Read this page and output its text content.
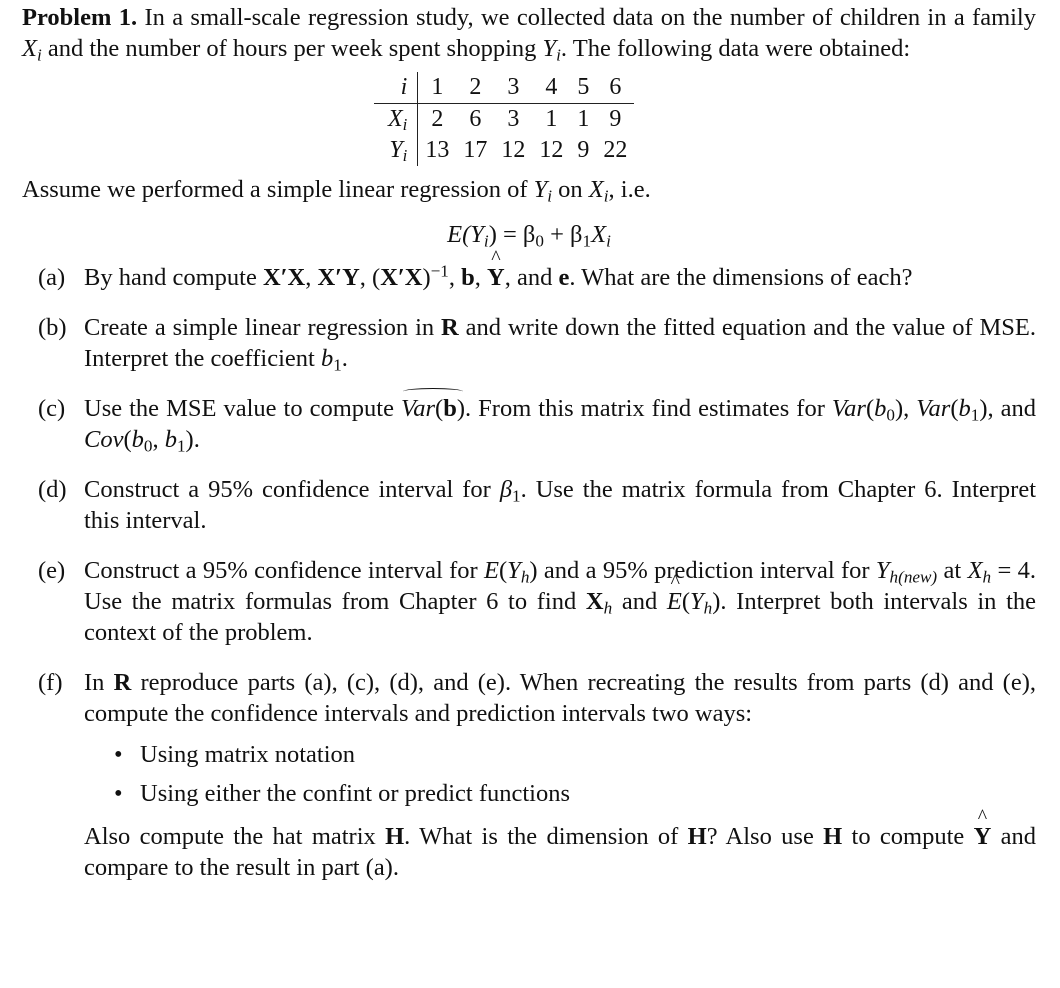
Problem 1. In a small-scale regression study, we collected data on the number of children in a family $X_i$ and the number of hours per week spent shopping $Y_i$. The following data were obtained:

i	1	2	3	4	5	6
$X_i$	2	6	3	1	1	9
$Y_i$	13	17	12	12	9	22

Assume we performed a simple linear regression of $Y_i$ on $X_i$, i.e.

$E(Y_i) = \beta_0 + \beta_1X_i$
(a) By hand compute X′X, X′Y, $(X'X)^{-1}$, b, ^ Y, and e. What are the dimensions of each?

(b) Create a simple linear regression in R and write down the fitted equation and the value of MSE. Interpret the coefficient $b_1$.

(c) Use the MSE value to compute Var(b). From this matrix find estimates for $Var(b_0)$, $Var(b_1)$, and $Cov(b_0$, $b_1$).

(d) Construct a 95% confidence interval for $\beta_1$. Use the matrix formula from Chapter 6. Interpret this interval.

(e) Construct a 95% confidence interval for $E(Y_h)$ and a 95% prediction interval for $Y_{h(new)}$ at $X_h = 4$. Use the matrix formulas from Chapter 6 to find $X_h$ and ^ $E(Y_h)$. Interpret both intervals in the context of the problem.

(f) In R reproduce parts (a), (c), (d), and (e). When recreating the results from parts (d) and (e), compute the confidence intervals and prediction intervals two ways:

• Using matrix notation
• Using either the confint or predict functions

Also compute the hat matrix H. What is the dimension of H? Also use H to compute ^ Y and compare to the result in part (a).
